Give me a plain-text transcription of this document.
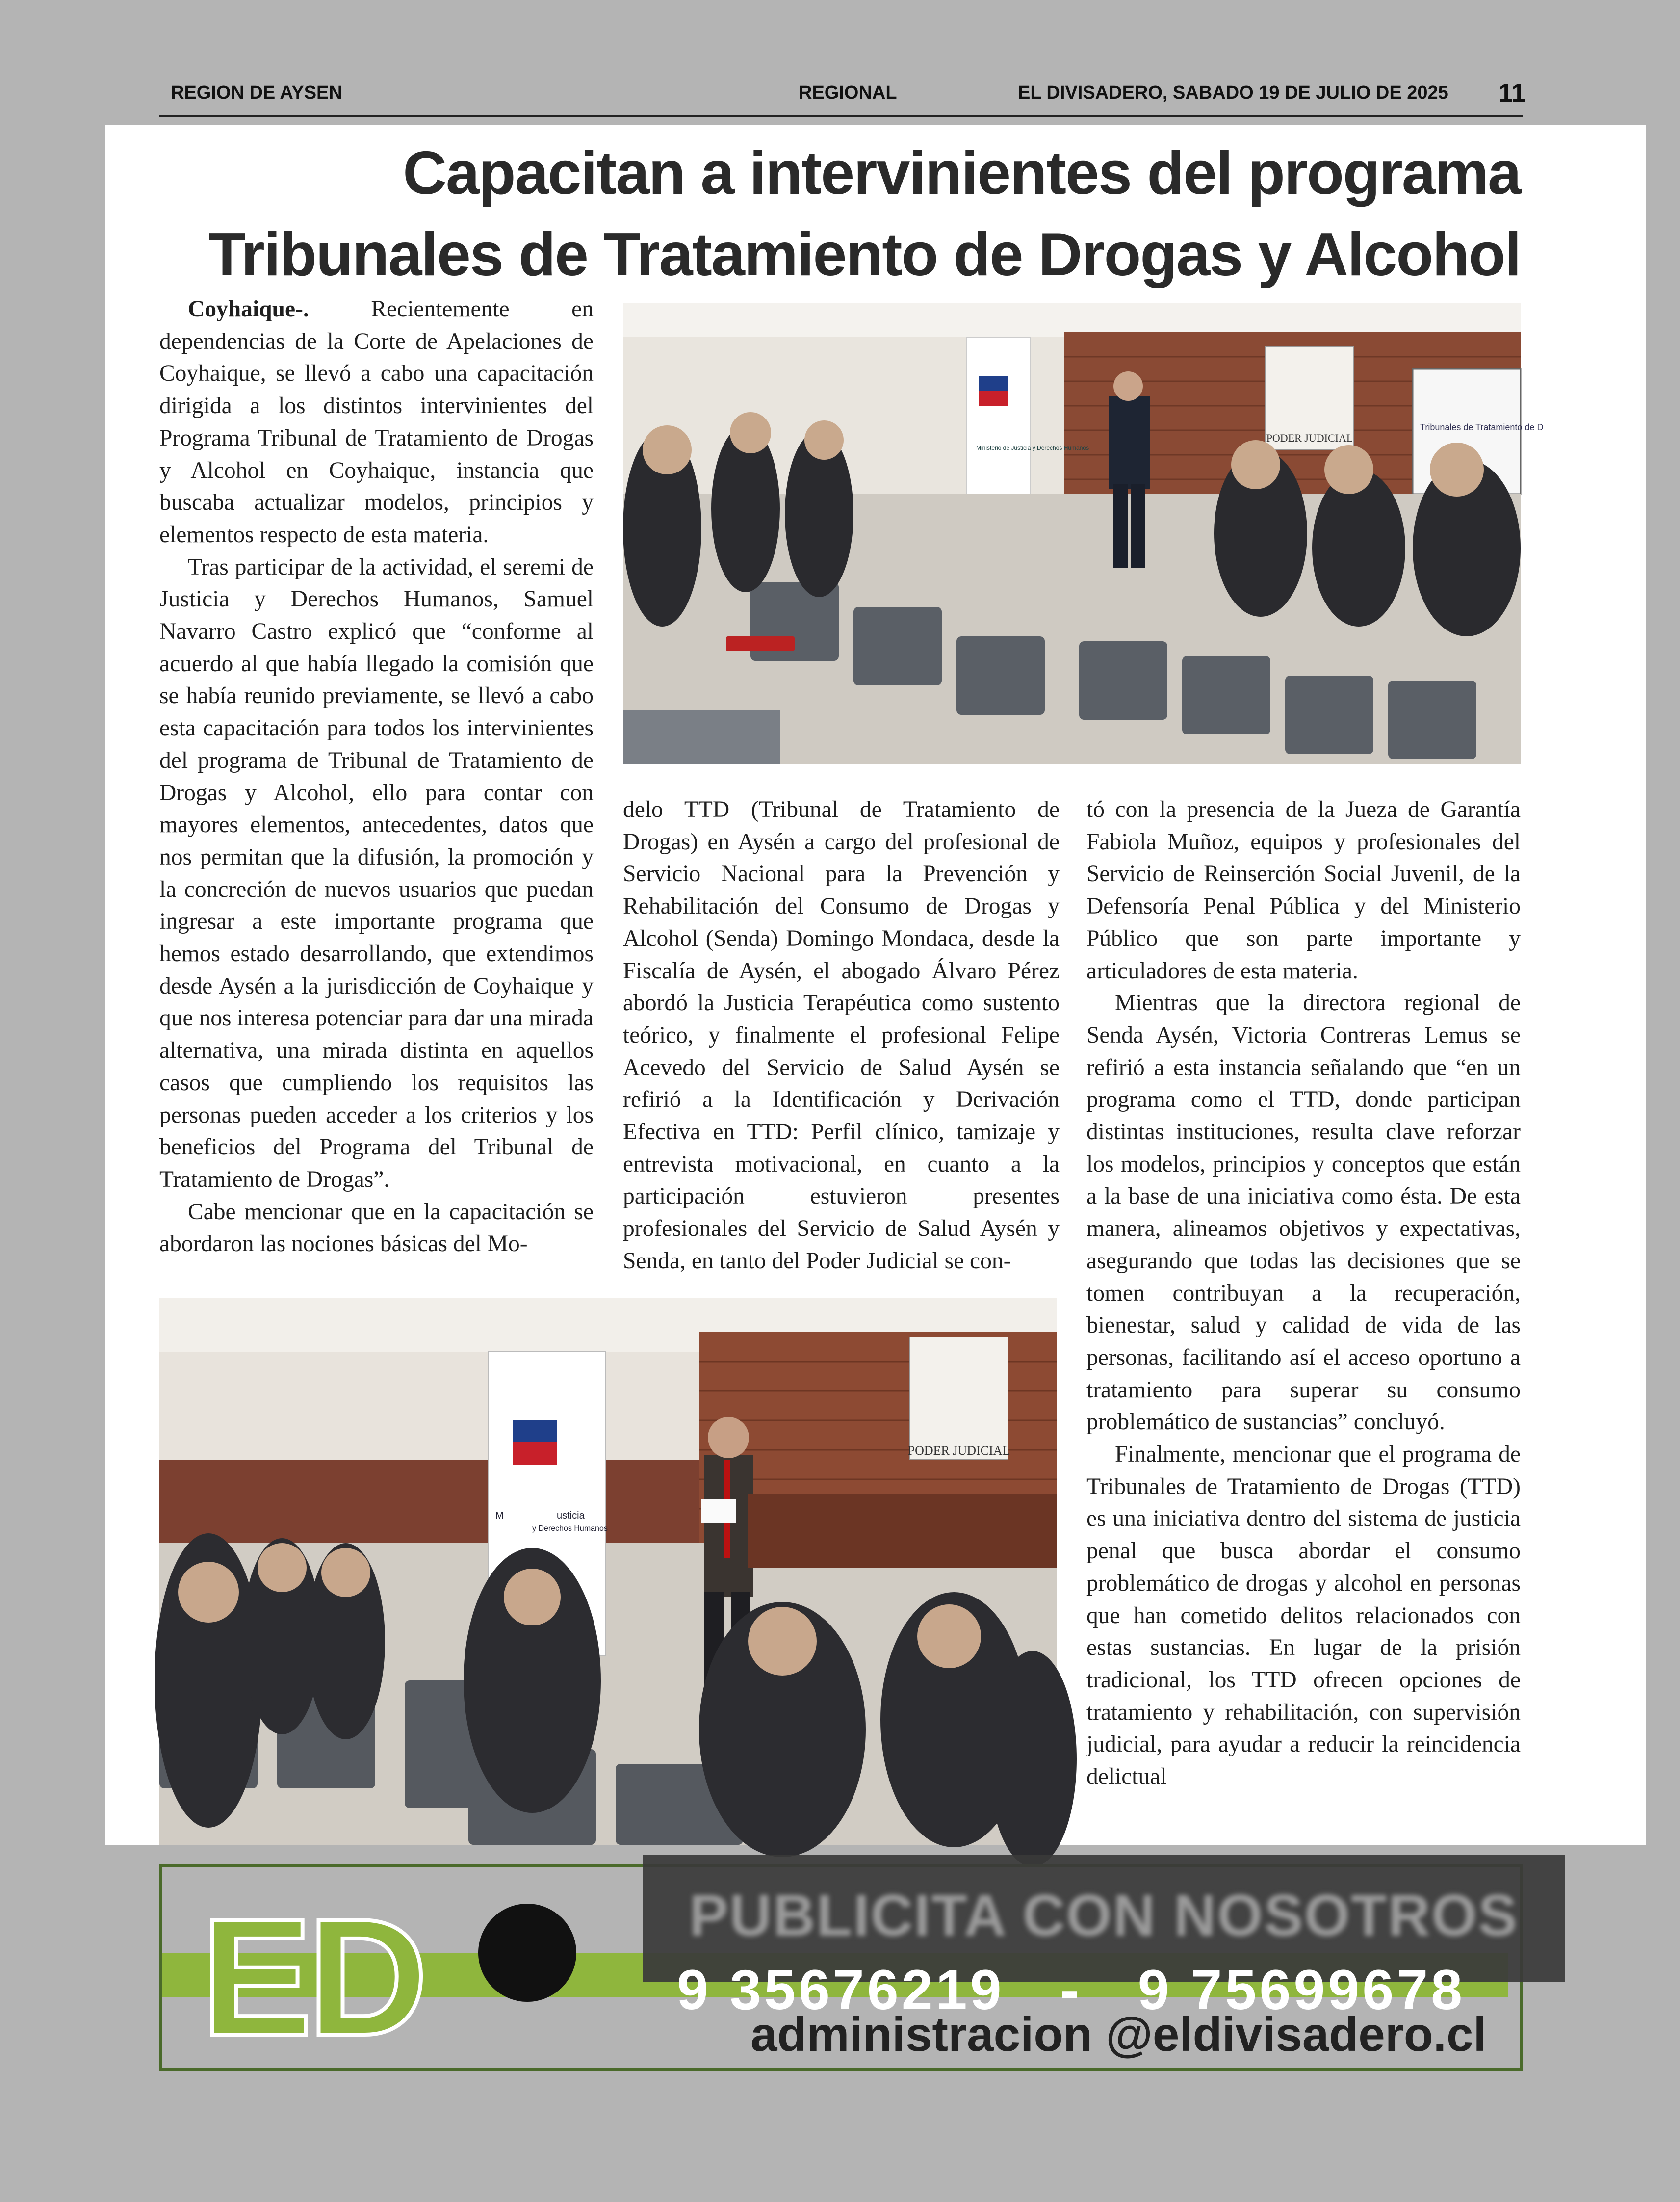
REGION DE AYSEN	REGIONAL	EL DIVISADERO, SABADO 19 DE JULIO DE 2025 11
Capacitan a intervinientes del programa
Tribunales de Tratamiento de Drogas y Alcohol

Coyhaique-.	Recientemente en dependencias de la Corte de Apelaciones de Coyhaique, se llevó a cabo una capacitación dirigida a los distintos intervinientes del Programa Tribunal de Tratamiento de Drogas y Alcohol en Coyhaique, instancia que buscaba actualizar modelos, principios y elementos respecto de esta materia.

Tras participar de la actividad, el seremi de Justicia y Derechos Humanos, Samuel Navarro Castro explicó que “conforme al acuerdo al que había llegado la comisión que se había reunido previamente, se llevó a cabo esta capacitación para todos los intervinientes del programa de Tribunal de Tratamiento de Drogas y Alcohol, ello para contar con mayores elementos, antecedentes, datos que nos permitan que la difusión, la promoción y la concreción de nuevos usuarios que puedan ingresar a este importante programa que hemos estado desarrollando, que extendimos desde Aysén a la jurisdicción de Coyhaique y que nos interesa potenciar para dar una mirada alternativa, una mirada distinta en aquellos casos que cumpliendo los requisitos las personas pueden acceder a los criterios y los beneficios del Programa del Tribunal de Tratamiento de Drogas”.

Cabe mencionar que en la capacitación se abordaron las nociones básicas del Mo-

delo TTD (Tribunal de Tratamiento de Drogas) en Aysén a cargo del profesional de Servicio Nacional para la Prevención y Rehabilitación del Consumo de Drogas y Alcohol (Senda) Domingo Mondaca, desde la Fiscalía de Aysén, el abogado Álvaro Pérez abordó la Justicia Terapéutica como sustento teórico, y finalmente el profesional Felipe Acevedo del Servicio de Salud Aysén se refirió a la Identificación y Derivación Efectiva en TTD: Perfil clínico, tamizaje y entrevista motivacional, en cuanto a la participación estuvieron presentes profesionales del Servicio de Salud Aysén y Senda, en tanto del Poder Judicial se con-

tó con la presencia de la Jueza de Garantía Fabiola Muñoz, equipos y profesionales del Servicio de Reinserción Social Juvenil, de la Defensoría Penal Pública y del Ministerio Público que son parte importante y articuladores de esta materia.

Mientras que la directora regional de Senda Aysén, Victoria Contreras Lemus se refirió a esta instancia señalando que “en un programa como el TTD, donde participan distintas instituciones, resulta clave reforzar los modelos, principios y conceptos que están a la base de una iniciativa como ésta. De esta manera, alineamos objetivos y expectativas, asegurando que todas las decisiones que se tomen contribuyan a la recuperación, bienestar, salud y calidad de vida de las personas, facilitando así el acceso oportuno a tratamiento para superar su consumo problemático de sustancias” concluyó.

Finalmente, mencionar que el programa de Tribunales de Tratamiento de Drogas (TTD) es una iniciativa dentro del sistema de justicia penal que busca abordar el consumo problemático de drogas y alcohol en personas que han cometido delitos relacionados con estas sustancias. En lugar de la prisión tradicional, los TTD ofrecen opciones de tratamiento y rehabilitación, con supervisión judicial, para ayudar a reducir la reincidencia delictual

PODER JUDICIAL
Tribunales de Tratamiento de D
Ministerio de Justicia y Derechos Humanos
PODER JUDICIAL
M	usticia
y Derechos Humanos
ED	PUBLICITA CON NOSOTROS
9 35676219   -   9 75699678
administracion @eldivisadero.cl
